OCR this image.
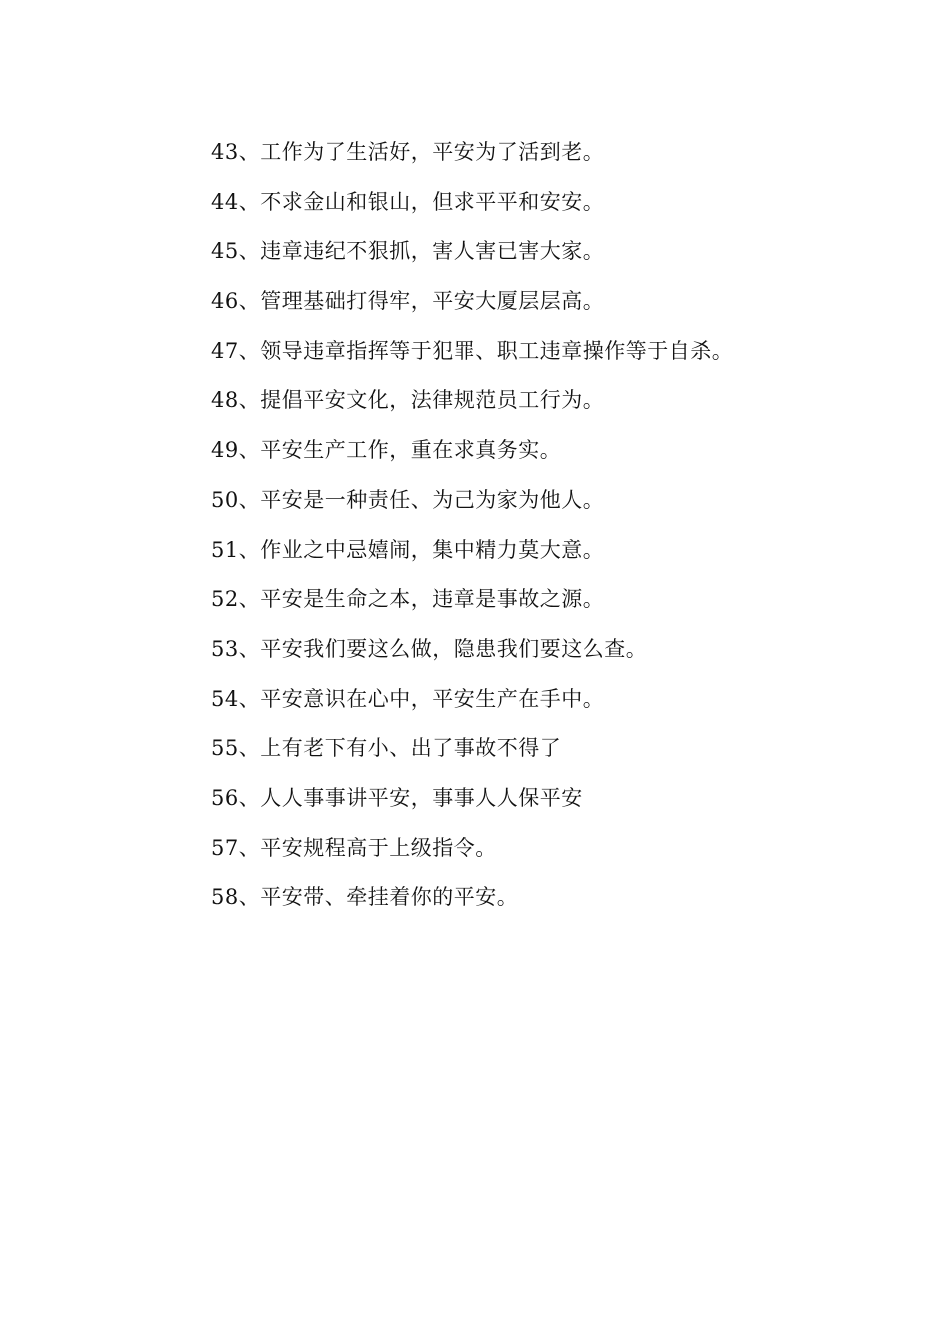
43、工作为了生活好，平安为了活到老。
44、不求金山和银山，但求平平和安安。
45、违章违纪不狠抓，害人害已害大家。
46、管理基础打得牢，平安大厦层层高。
47、领导违章指挥等于犯罪、职工违章操作等于自杀。
48、提倡平安文化，法律规范员工行为。
49、平安生产工作，重在求真务实。
50、平安是一种责任、为己为家为他人。
51、作业之中忌嬉闹，集中精力莫大意。
52、平安是生命之本，违章是事故之源。
53、平安我们要这么做，隐患我们要这么查。
54、平安意识在心中，平安生产在手中。
55、上有老下有小、出了事故不得了
56、人人事事讲平安，事事人人保平安
57、平安规程高于上级指令。
58、平安带、牵挂着你的平安。
